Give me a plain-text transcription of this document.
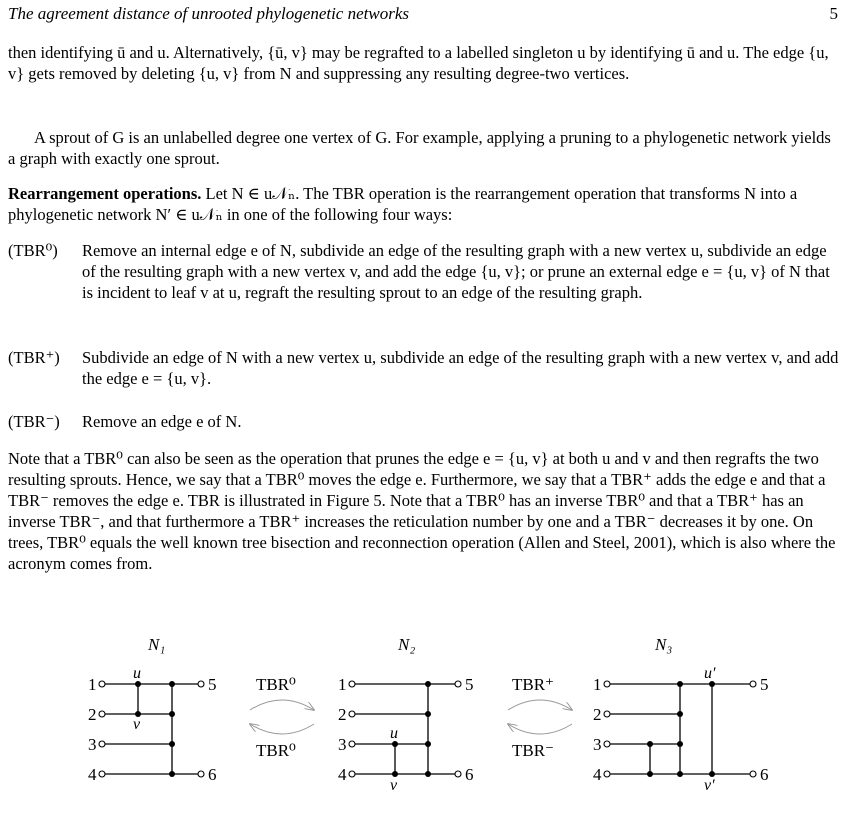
The agreement distance of unrooted phylogenetic networks	5

then identifying ū and u. Alternatively, {ū, v} may be regrafted to a labelled singleton u by identifying ū and u. The edge {u, v} gets removed by deleting {u, v} from N and suppressing any resulting degree-two vertices.

A sprout of G is an unlabelled degree one vertex of G. For example, applying a pruning to a phylogenetic network yields a graph with exactly one sprout.

Rearrangement operations. Let N ∈ u𝒩ₙ. The TBR operation is the rearrangement operation that transforms N into a phylogenetic network N′ ∈ u𝒩ₙ in one of the following four ways:

(TBR⁰) Remove an internal edge e of N, subdivide an edge of the resulting graph with a new vertex u, subdivide an edge of the resulting graph with a new vertex v, and add the edge {u, v}; or prune an external edge e = {u, v} of N that is incident to leaf v at u, regraft the resulting sprout to an edge of the resulting graph.
(TBR⁺) Subdivide an edge of N with a new vertex u, subdivide an edge of the resulting graph with a new vertex v, and add the edge e = {u, v}.
(TBR⁻) Remove an edge e of N.

Note that a TBR⁰ can also be seen as the operation that prunes the edge e = {u, v} at both u and v and then regrafts the two resulting sprouts. Hence, we say that a TBR⁰ moves the edge e. Furthermore, we say that a TBR⁺ adds the edge e and that a TBR⁻ removes the edge e. TBR is illustrated in Figure 5. Note that a TBR⁰ has an inverse TBR⁰ and that a TBR⁺ has an inverse TBR⁻, and that furthermore a TBR⁺ increases the reticulation number by one and a TBR⁻ decreases it by one. On trees, TBR⁰ equals the well known tree bisection and reconnection operation (Allen and Steel, 2001), which is also where the acronym comes from.

N₁	N₂	N₃
TBR⁰
TBR⁰
TBR⁺
TBR⁻
1
2
3
4
5
6
1
2
3
4
5
6
1
2
3
4
5
6
u
v
u
v
u′
v′
